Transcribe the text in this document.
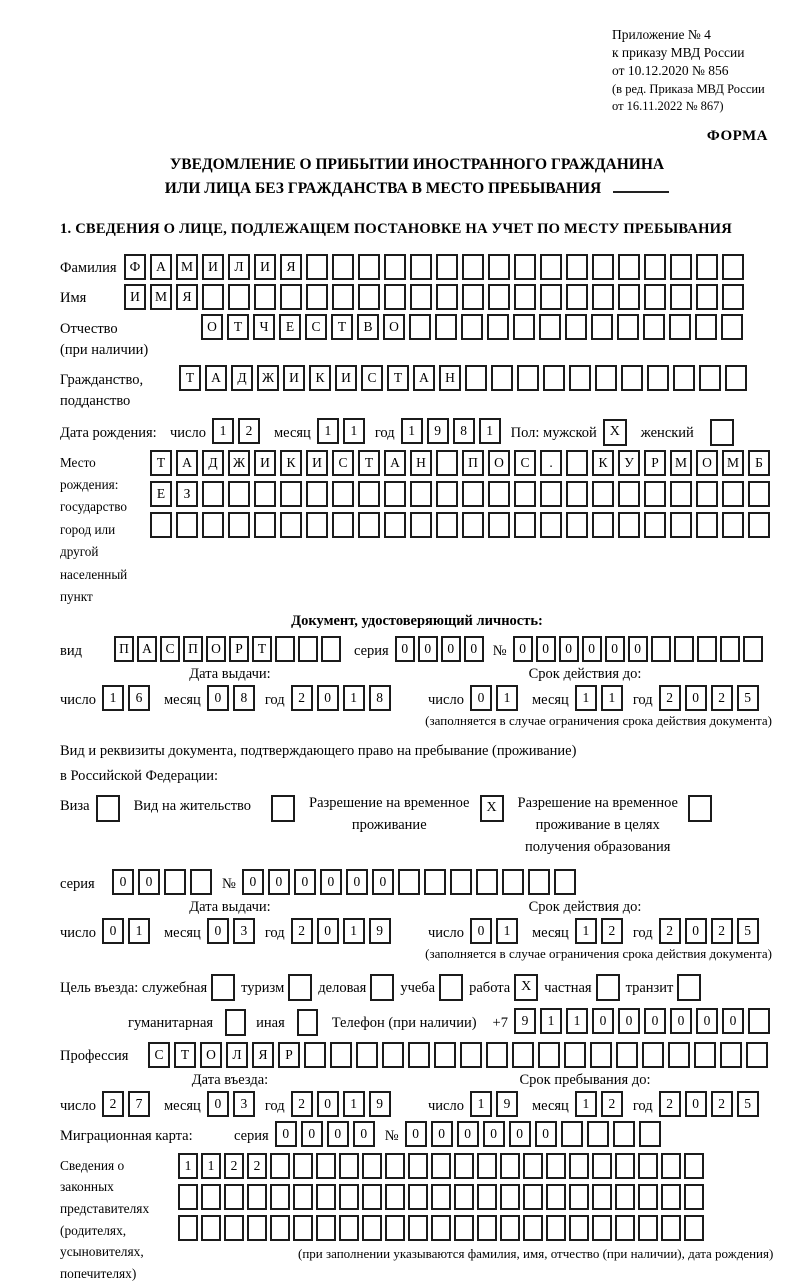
Приложение № 4
к приказу МВД России
от 10.12.2020 № 856
(в ред. Приказа МВД России
от 16.11.2022 № 867)
ФОРМА
УВЕДОМЛЕНИЕ О ПРИБЫТИИ ИНОСТРАННОГО ГРАЖДАНИНА
ИЛИ ЛИЦА БЕЗ ГРАЖДАНСТВА В МЕСТО ПРЕБЫВАНИЯ
1. СВЕДЕНИЯ О ЛИЦЕ, ПОДЛЕЖАЩЕМ ПОСТАНОВКЕ НА УЧЕТ ПО МЕСТУ ПРЕБЫВАНИЯ
Фамилия Ф А М И Л И Я
Имя	И М Я
Отчество
(при наличии)
О Т Ч Е С Т В О
Гражданство,
подданство
Т А Д Ж И К И С Т А Н
Дата рождения: число	1 2	месяц	1 1	год	1 9 8 1	Пол: мужской X	женский
Место рождения:
государство
город или другой
населенный пункт
Т А Д Ж И К И С Т А Н	П О С .	К У Р М О М Б
Е З
Документ, удостоверяющий личность:
вид	П А С П О Р Т	серия 0 0 0 0	№ 0 0 0 0 0 0
Дата выдачи:	Срок действия до:
число	1 6	месяц	0 8	год	2 0 1 8	число	0 1	месяц	1 1	год	2 0 2 5
(заполняется в случае ограничения срока действия документа)
Вид и реквизиты документа, подтверждающего право на пребывание (проживание)
в Российской Федерации:
Виза	Вид на жительство	Разрешение на временное
проживание
X	Разрешение на временное
проживание в целях
получения образования
серия	0 0	№	0 0 0 0 0 0
Дата выдачи:	Срок действия до:
число	0 1	месяц	0 3	год	2 0 1 9	число	0 1	месяц	1 2	год	2 0 2 5
(заполняется в случае ограничения срока действия документа)
Цель въезда: служебная туризм деловая учеба работа X частная транзит
гуманитарная	иная	Телефон (при наличии) +7	9 1 1 0 0 0 0 0 0
Профессия	С Т О Л Я Р
Дата въезда:	Срок пребывания до:
число	2 7	месяц	0 3	год	2 0 1 9	число	1 9	месяц	1 2	год	2 0 2 5
Миграционная карта:	серия	0 0 0 0	№	0 0 0 0 0 0
Сведения о
законных
представителях
(родителях,
усыновителях,
попечителях)
1 1 2 2
(при заполнении указываются фамилия, имя, отчество (при наличии), дата рождения)
